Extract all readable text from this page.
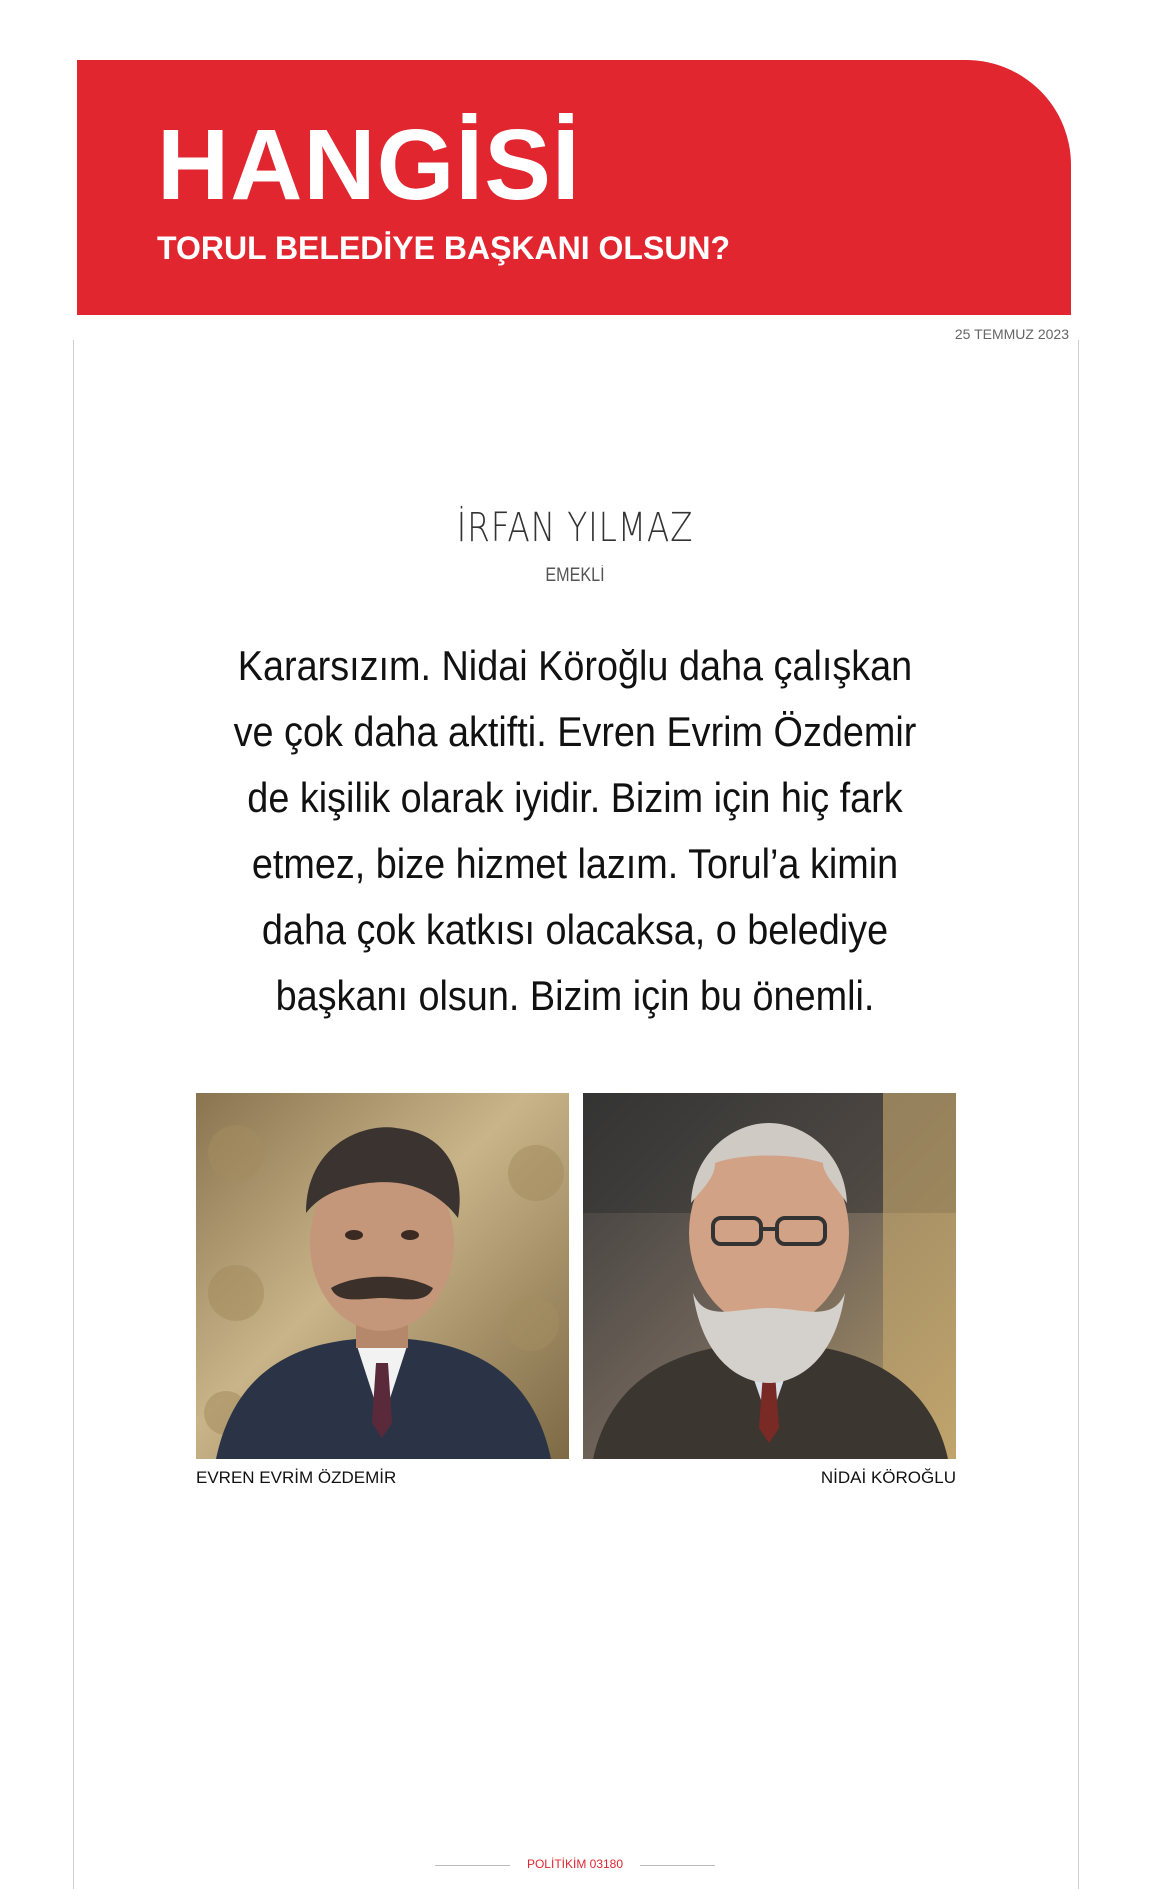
HANGİSİ
TORUL BELEDİYE BAŞKANI OLSUN?
25 TEMMUZ 2023
İRFAN YILMAZ
EMEKLİ

Kararsızım. Nidai Köroğlu daha çalışkan ve çok daha aktifti. Evren Evrim Özdemir de kişilik olarak iyidir. Bizim için hiç fark etmez, bize hizmet lazım. Torul’a kimin daha çok katkısı olacaksa, o belediye başkanı olsun. Bizim için bu önemli.

EVREN EVRİM ÖZDEMİR	NİDAİ KÖROĞLU
POLİTİKİM 03180
